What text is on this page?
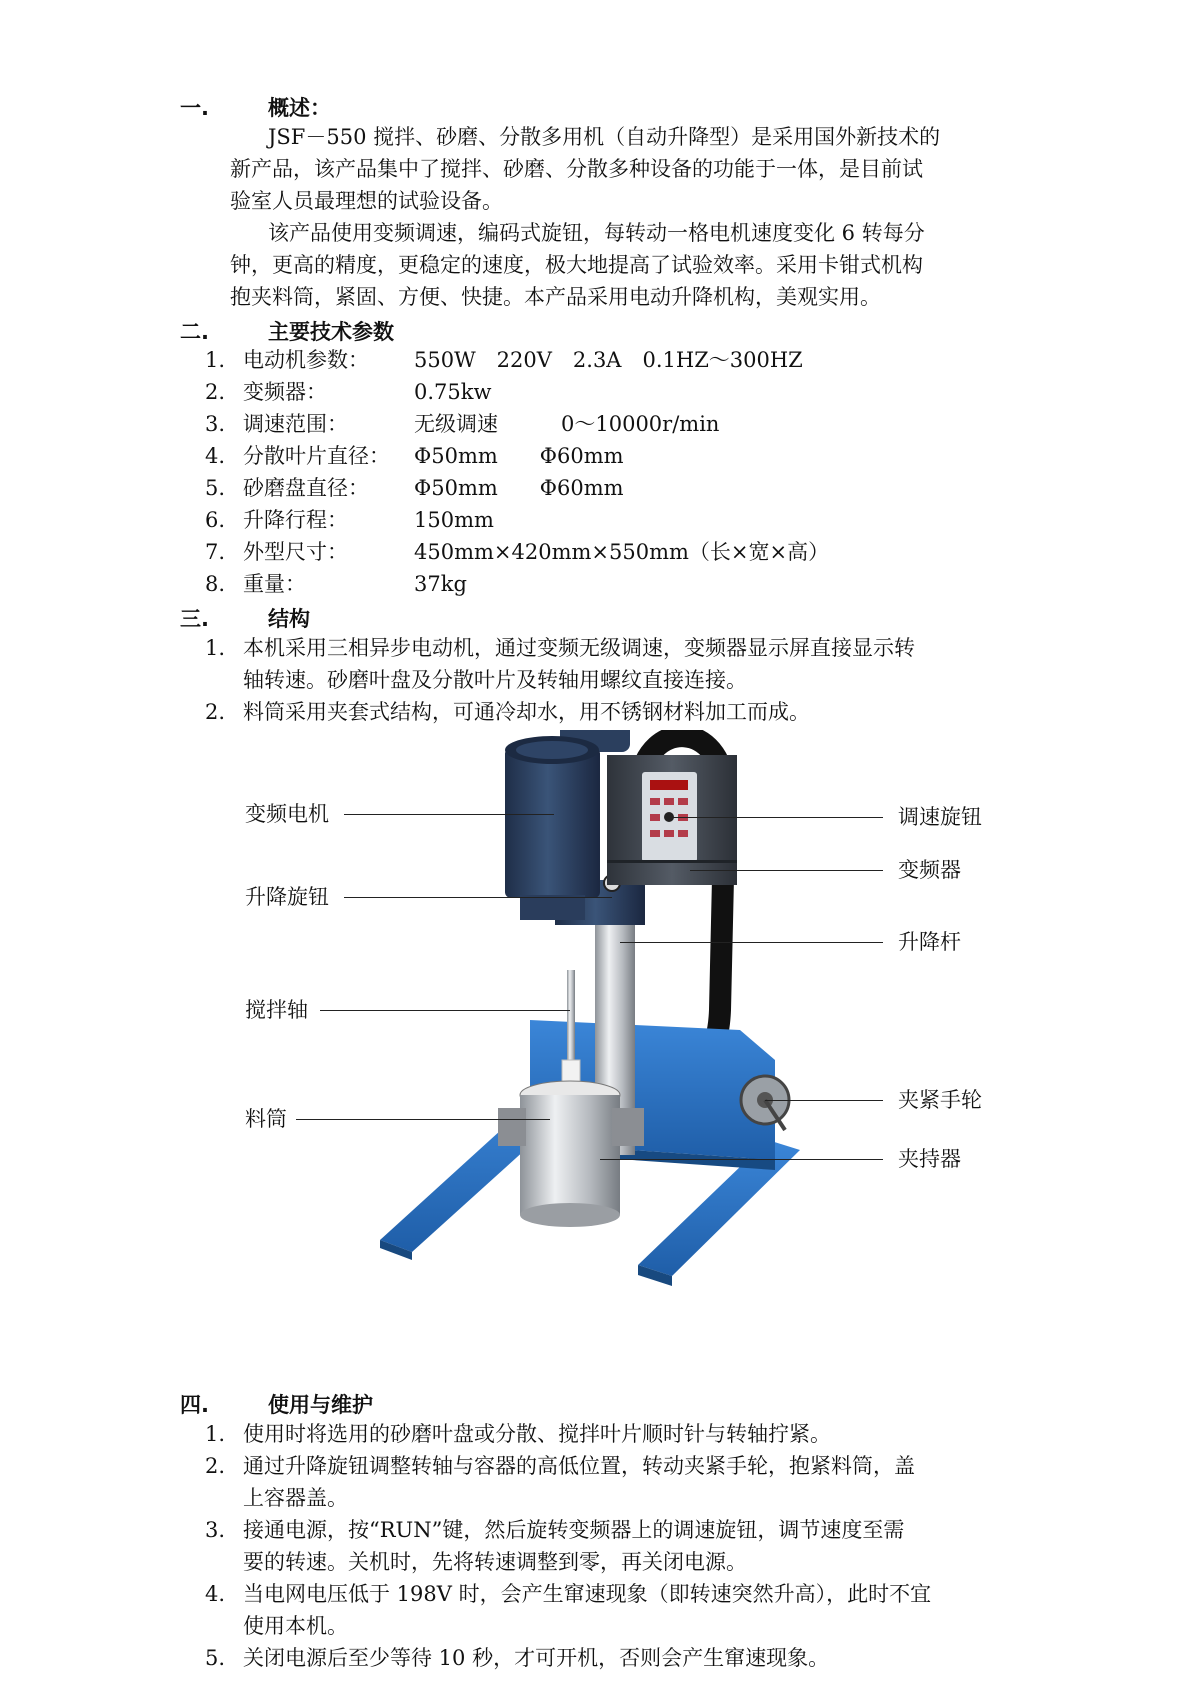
一.	概述：
JSF－550 搅拌、砂磨、分散多用机（自动升降型）是采用国外新技术的
新产品，该产品集中了搅拌、砂磨、分散多种设备的功能于一体，是目前试
验室人员最理想的试验设备。
该产品使用变频调速，编码式旋钮，每转动一格电机速度变化 6 转每分
钟，更高的精度，更稳定的速度，极大地提高了试验效率。采用卡钳式机构
抱夹料筒，紧固、方便、快捷。本产品采用电动升降机构，美观实用。
二.	主要技术参数
1. 电动机参数： 550W　220V　2.3A　0.1HZ～300HZ
2. 变频器：	0.75kw
3. 调速范围：	无级调速　　　0～10000r/min
4. 分散叶片直径： Φ50mm　　Φ60mm
5. 砂磨盘直径： Φ50mm　　Φ60mm
6. 升降行程：	150mm
7. 外型尺寸：	450mm×420mm×550mm（长×宽×高）
8. 重量：	37kg
三.	结构
1. 本机采用三相异步电动机，通过变频无级调速，变频器显示屏直接显示转
轴转速。砂磨叶盘及分散叶片及转轴用螺纹直接连接。
2. 料筒采用夹套式结构，可通冷却水，用不锈钢材料加工而成。
变频电机
升降旋钮
搅拌轴
料筒
调速旋钮
变频器
升降杆
夹紧手轮
夹持器
四.	使用与维护
1. 使用时将选用的砂磨叶盘或分散、搅拌叶片顺时针与转轴拧紧。
2. 通过升降旋钮调整转轴与容器的高低位置，转动夹紧手轮，抱紧料筒，盖
上容器盖。
3. 接通电源，按“RUN”键，然后旋转变频器上的调速旋钮，调节速度至需
要的转速。关机时，先将转速调整到零，再关闭电源。
4. 当电网电压低于 198V 时，会产生窜速现象（即转速突然升高），此时不宜
使用本机。
5. 关闭电源后至少等待 10 秒，才可开机，否则会产生窜速现象。
